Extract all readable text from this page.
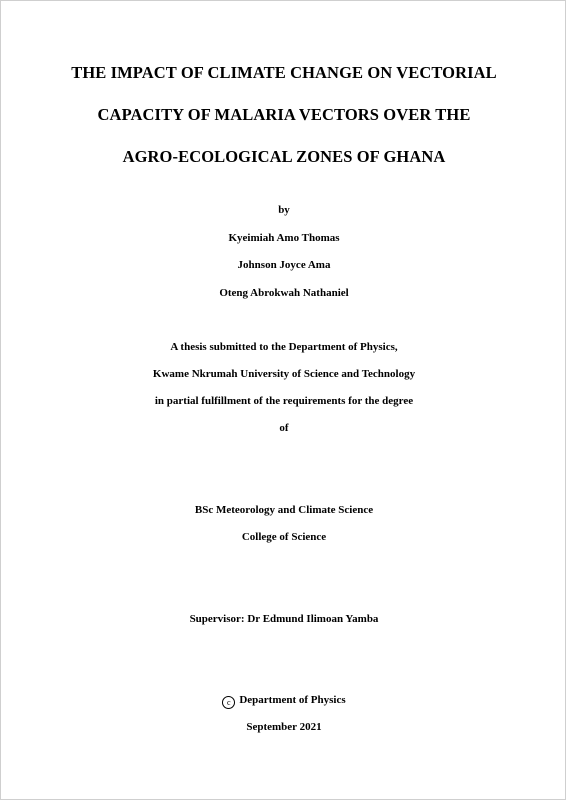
THE IMPACT OF CLIMATE CHANGE ON VECTORIAL
CAPACITY OF MALARIA VECTORS OVER THE
AGRO-ECOLOGICAL ZONES OF GHANA
by
Kyeimiah Amo Thomas
Johnson Joyce Ama
Oteng Abrokwah Nathaniel
A thesis submitted to the Department of Physics,
Kwame Nkrumah University of Science and Technology
in partial fulfillment of the requirements for the degree
of
BSc Meteorology and Climate Science
College of Science
Supervisor: Dr Edmund Ilimoan Yamba
c Department of Physics
September 2021
